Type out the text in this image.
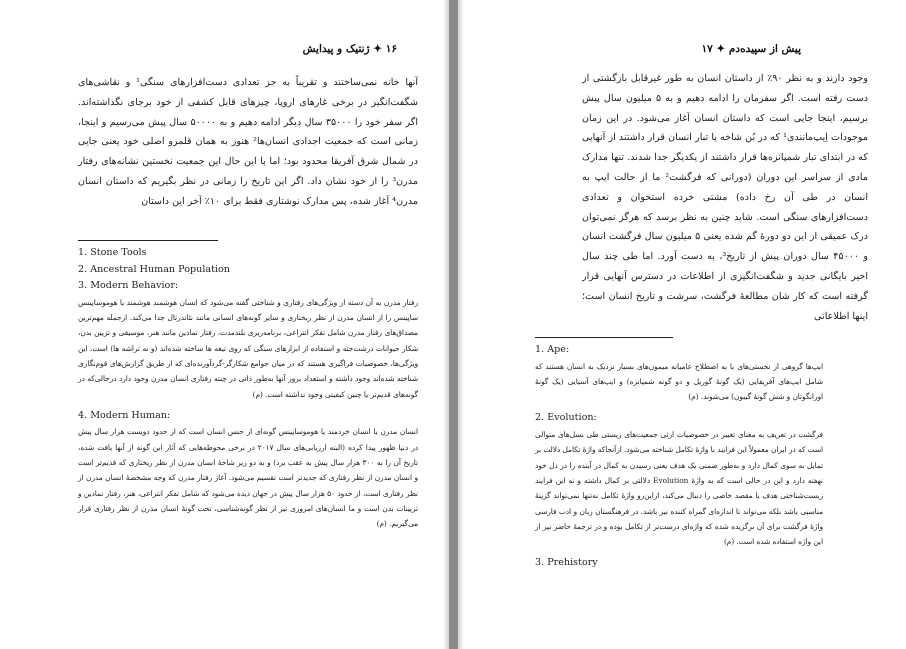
۱۶ ✦ ژنتیک و پیدایش
آنها خانه نمی‌ساختند و تقریباً به جز تعدادی دست‌افزارهای سنگی¹ و نقاشی‌های شگفت‌انگیز در برخی غارهای اروپا، چیزهای قابل کشفی از خود برجای نگذاشته‌اند. اگر سفر خود را ۳۵۰۰۰ سال دیگر ادامه دهیم و به ۵۰۰۰۰ سال پیش می‌رسیم و اینجا، زمانی است که جمعیت اجدادی انسان‌ها² هنوز به همان قلمرو اصلی خود یعنی جایی در شمال شرق آفریقا محدود بود؛ اما با این حال این جمعیت نخستین نشانه‌های رفتار مدرن³ را از خود نشان داد. اگر این تاریخ را زمانی در نظر بگیریم که داستان انسان مدرن⁴ آغاز شده، پس مدارک نوشتاری فقط برای ۱۰٪ آخر این داستان
1. Stone Tools
2. Ancestral Human Population
3. Modern Behavior:
رفتار مدرن به آن دسته از ویژگی‌های رفتاری و شناختی گفته می‌شود که انسان هوشمند هوشمند یا هوموساپینس ساپینس را از انسان مدرن از نظر ریختاری و سایر گونه‌های انسانی مانند نئاندرتال جدا می‌کند. ازجمله مهم‌ترین مصداق‌های رفتار مدرن شامل تفکر انتزاعی، برنامه‌ریزی بلندمدت، رفتار نمادین مانند هنر، موسیقی و تزیین بدن، شکار حیوانات درشت‌جثه و استفاده از ابزارهای سنگی که روی تیغه ها ساخته شده‌اند (و نه تراشه ها) است. این ویژگی‌ها، خصوصیات فراگیری هستند که در میان جوامع شکارگر-گردآورنده‌ای که از طریق گزارش‌های قوم‌نگاری شناخته شده‌اند وجود داشته و استعداد بروز آنها به‌طور ذاتی در چنته رفتاری انسان مدرن وجود دارد درحالی‌که در گونه‌های قدیم‌تر یا چنین کیفیتی وجود نداشته است. (م)
4. Modern Human:
انسان مدرن یا انسان خردمند یا هوموساپینس گونه‌ای از جنس انسان است که از حدود دویست هزار سال پیش در دنیا ظهور پیدا کرده (البته ارزیابی‌های سال ۲۰۱۷ در برخی محوطه‌هایی که آثار این گونه از آنها یافت شده، تاریخ آن را به ۳۰۰ هزار سال پیش به عقب برد) و به دو زیر شاخهٔ انسان مدرن از نظر ریختاری که قدیم‌تر است و انسان مدرن از نظر رفتاری که جدیدتر است تقسیم می‌شود. آغاز رفتار مدرن که وجه مشخصهٔ انسان مدرن از نظر رفتاری است، از حدود ۵۰ هزار سال پیش در جهان دیده می‌شود که شامل تفکر انتزاعی، هنر، رفتار نمادین و تزیینات بدن است و ما انسان‌های امروزی نیز از نظر گونه‌شناسی، تحت گونهٔ انسان مدرن از نظر رفتاری قرار می‌گیریم. (م)
پیش از سپیده‌دم ✦ ۱۷
وجود دارند و به نظر ۹۰٪ از داستان انسان به طور غیرقابل بازگشتی از دست رفته است. اگر سفرمان را ادامه دهیم و به ۵ میلیون سال پیش برسیم، اینجا جایی است که داستان انسان آغاز می‌شود. در این زمان موجودات اِیپ‌مانندی¹ که در بُن شاخه یا تبار انسان قرار داشتند از آنهایی که در ابتدای تبار شمپانزه‌ها قرار داشتند از یکدیگر جدا شدند. تنها مدارک مادی از سراسر این دوران (دورانی که فرگشت² ما از حالت ایپ به انسان در طی آن رخ داده) مشتی خرده استخوان و تعدادی دست‌افزارهای سنگی است. شاید چنین به نظر برسد که هرگز نمی‌توان درک عمیقی از این دو دورهٔ گم شده یعنی ۵ میلیون سال فرگشت انسان و ۴۵۰۰۰ سال دوران پیش از تاریخ³، به دست آورد. اما طی چند سال اخیر بایگانی جدید و شگفت‌انگیزی از اطلاعات در دسترس آنهایی قرار گرفته است که کار شان مطالعهٔ فرگشت، سرشت و تاریخ انسان است؛ اینها اطلاعاتی
1. Ape:
ایپ‌ها گروهی از نخستی‌های با به اصطلاح عامیانه میمون‌های بسیار نزدیک به انسان هستند که شامل ایپ‌های آفریقایی (یک گونهٔ گوریل و دو گونه شمپانزه) و ایپ‌های آسیایی (یک گونهٔ اورانگوتان و شش گونهٔ گیبون) می‌شوند. (م)
2. Evolution:
فرگشت در تعریف به معنای تغییر در خصوصیات ارثی جمعیت‌های زیستی طی نسل‌های متوالی است که در ایران معمولاً این فرایند با واژهٔ تکامل شناخته می‌شود. ازآنجاکه واژهٔ تکامل دلالت بر تمایل به سوی کمال دارد و به‌طور ضمنی یک هدف یعنی رسیدن به کمال در آینده را در دل خود نهفته دارد و این در حالی است که به واژهٔ Evolution دلالتی بر کمال داشته و نه این فرایند زیست‌شناختی هدف یا مقصد خاصی را دنبال می‌کند، ازاین‌رو واژهٔ تکامل نه‌تنها نمی‌تواند گزینهٔ مناسبی باشد بلکه می‌تواند تا اندازه‌ای گمراه کننده نیز باشد. در فرهنگستان زبان و ادب فارسی واژهٔ فرگشت برای آن برگزیده شده که واژه‌ای درست‌تر از تکامل بوده و در ترجمهٔ حاضر نیز از این واژه استفاده شده است. (م)
3. Prehistory
